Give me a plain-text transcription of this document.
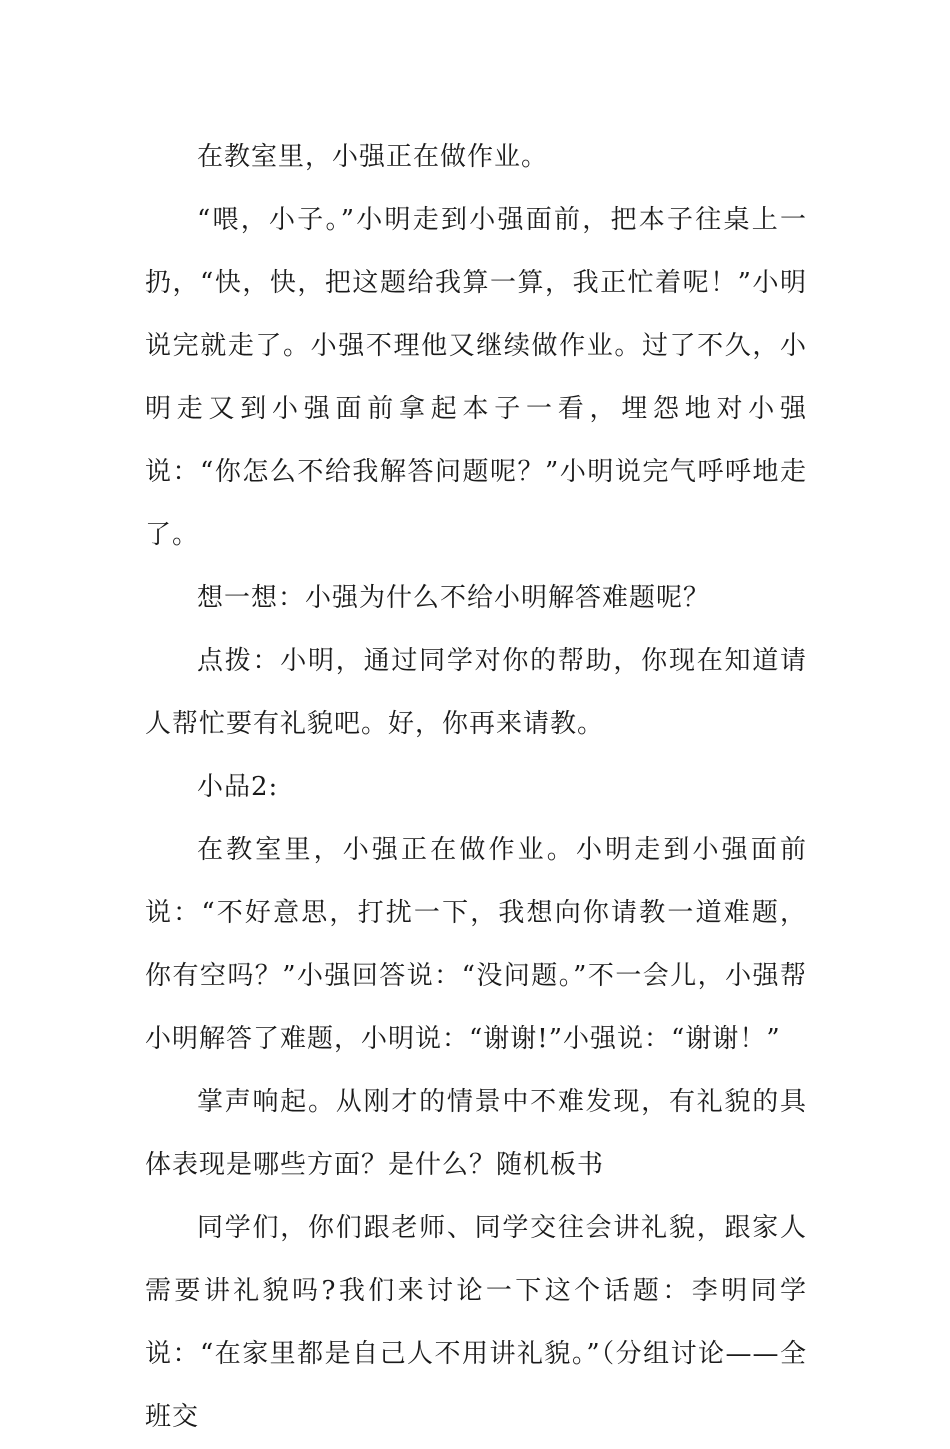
在教室里，小强正在做作业。

“喂，小子。”小明走到小强面前，把本子往桌上一扔，“快，快，把这题给我算一算，我正忙着呢！”小明说完就走了。小强不理他又继续做作业。过了不久，小明走又到小强面前拿起本子一看，埋怨地对小强说：“你怎么不给我解答问题呢？”小明说完气呼呼地走了。

想一想：小强为什么不给小明解答难题呢？

点拨：小明，通过同学对你的帮助，你现在知道请人帮忙要有礼貌吧。好，你再来请教。

小品2:

在教室里，小强正在做作业。小明走到小强面前说：“不好意思，打扰一下，我想向你请教一道难题，你有空吗？”小强回答说：“没问题。”不一会儿，小强帮小明解答了难题，小明说：“谢谢!”小强说：“谢谢！”

掌声响起。从刚才的情景中不难发现，有礼貌的具体表现是哪些方面？是什么？随机板书

同学们，你们跟老师、同学交往会讲礼貌，跟家人需要讲礼貌吗?我们来讨论一下这个话题：李明同学说：“在家里都是自己人不用讲礼貌。”（分组讨论——全班交
